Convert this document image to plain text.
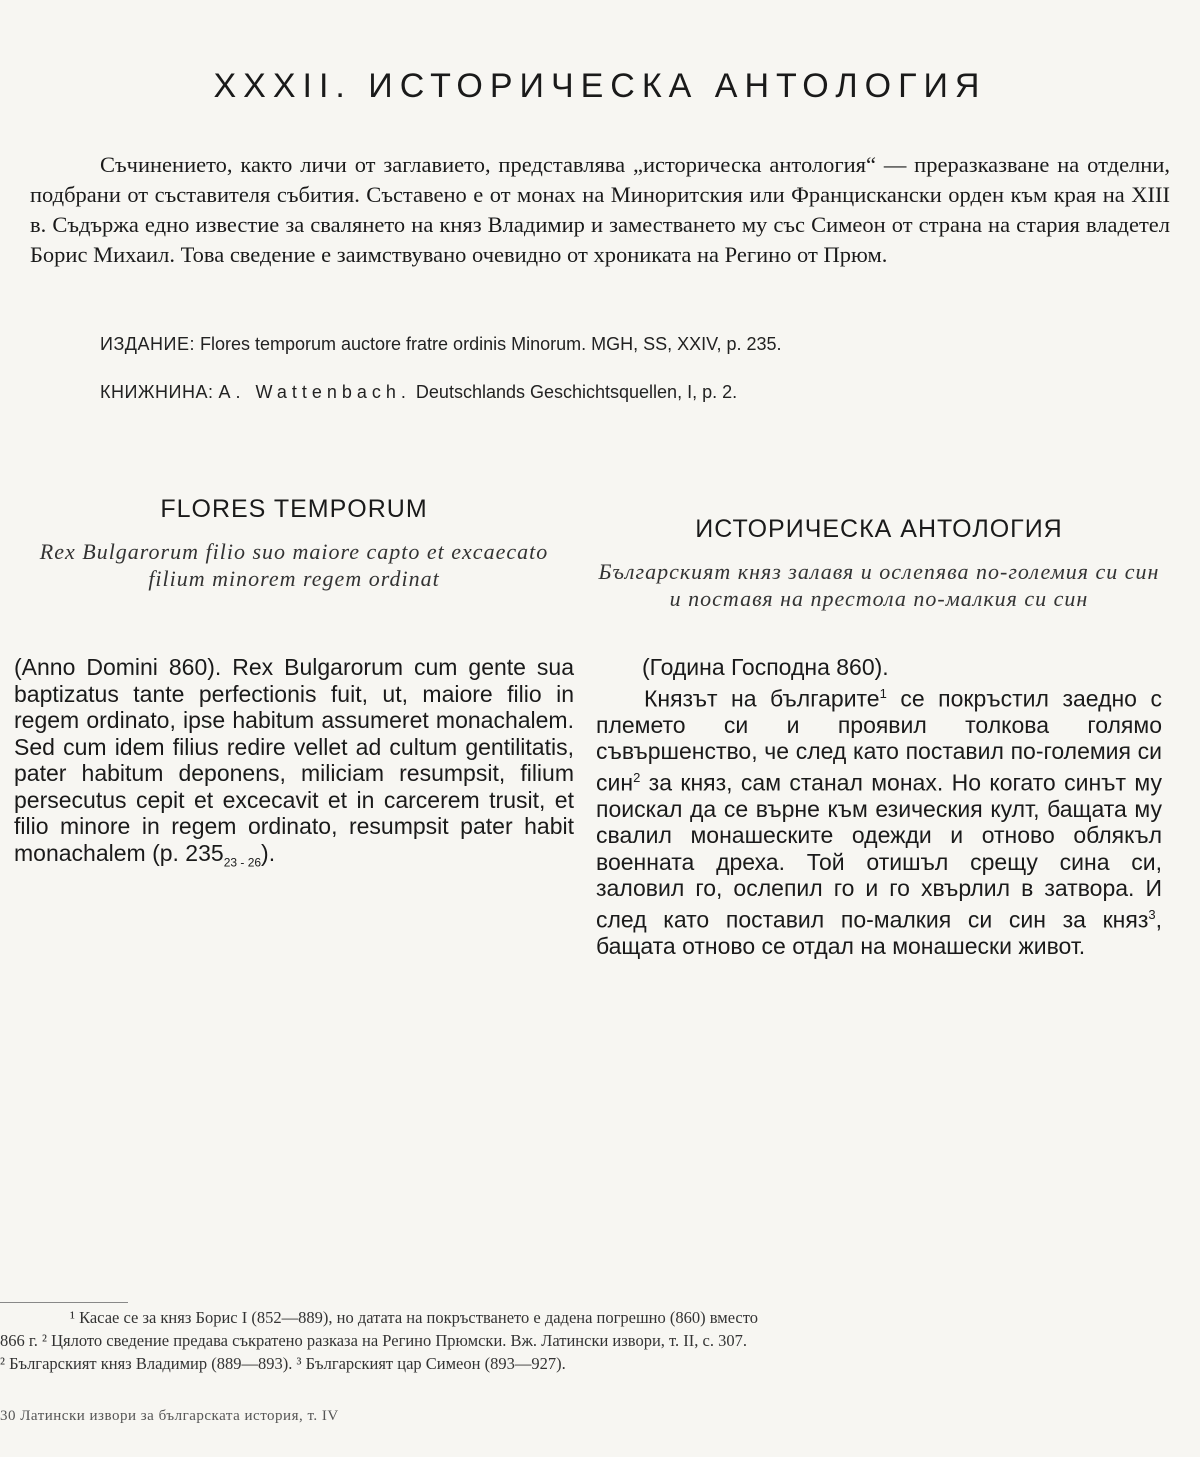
XXXII. ИСТОРИЧЕСКА АНТОЛОГИЯ

Съчинението, както личи от заглавието, представлява „историческа антология“ — преразказване на отделни, подбрани от съставителя събития. Съставено е от монах на Миноритския или Францискански орден към края на XIII в. Съдържа едно известие за свалянето на княз Владимир и заместването му със Симеон от страна на стария владетел Борис Михаил. Това сведение е заимствувано очевидно от хрониката на Регино от Прюм.

ИЗДАНИЕ: Flores temporum auctore fratre ordinis Minorum. MGH, SS, XXIV, p. 235.
КНИЖНИНА: A. Wattenbach. Deutschlands Geschichtsquellen, I, p. 2.
FLORES TEMPORUM
Rex Bulgarorum filio suo maiore capto et excaecato filium minorem regem ordinat
(Anno Domini 860). Rex Bulgarorum cum gente sua baptizatus tante perfectionis fuit, ut, maiore filio in regem ordinato, ipse habitum assumeret monachalem. Sed cum idem filius redire vellet ad cultum gentilitatis, pater habitum deponens, miliciam resumpsit, filium persecutus cepit et excecavit et in carcerem trusit, et filio minore in regem ordinato, resumpsit pater habit monachalem (p. $235_{23 - 26}$).
ИСТОРИЧЕСКА АНТОЛОГИЯ
Българският княз залавя и ослепява по-големия си син и поставя на престола по-малкия си син
(Година Господна 860).
Князът на българите$^1$ се покръстил заедно с племето си и проявил толкова голямо съвършенство, че след като поставил по-големия си син$^2$ за княз, сам станал монах. Но когато синът му поискал да се върне към езическия култ, бащата му свалил монашеските одежди и отново облякъл военната дреха. Той отишъл срещу сина си, заловил го, ослепил го и го хвърлил в затвора. И след като поставил по-малкия си син за княз$^3$, бащата отново се отдал на монашески живот.
¹ Касае се за княз Борис I (852—889), но датата на покръстването е дадена погрешно (860) вместо
866 г. ² Цялото сведение предава съкратено разказа на Регино Прюмски. Вж. Латински извори, т. II, с. 307.
² Българският княз Владимир (889—893). ³ Българският цар Симеон (893—927).
30 Латински извори за българската история, т. IV
